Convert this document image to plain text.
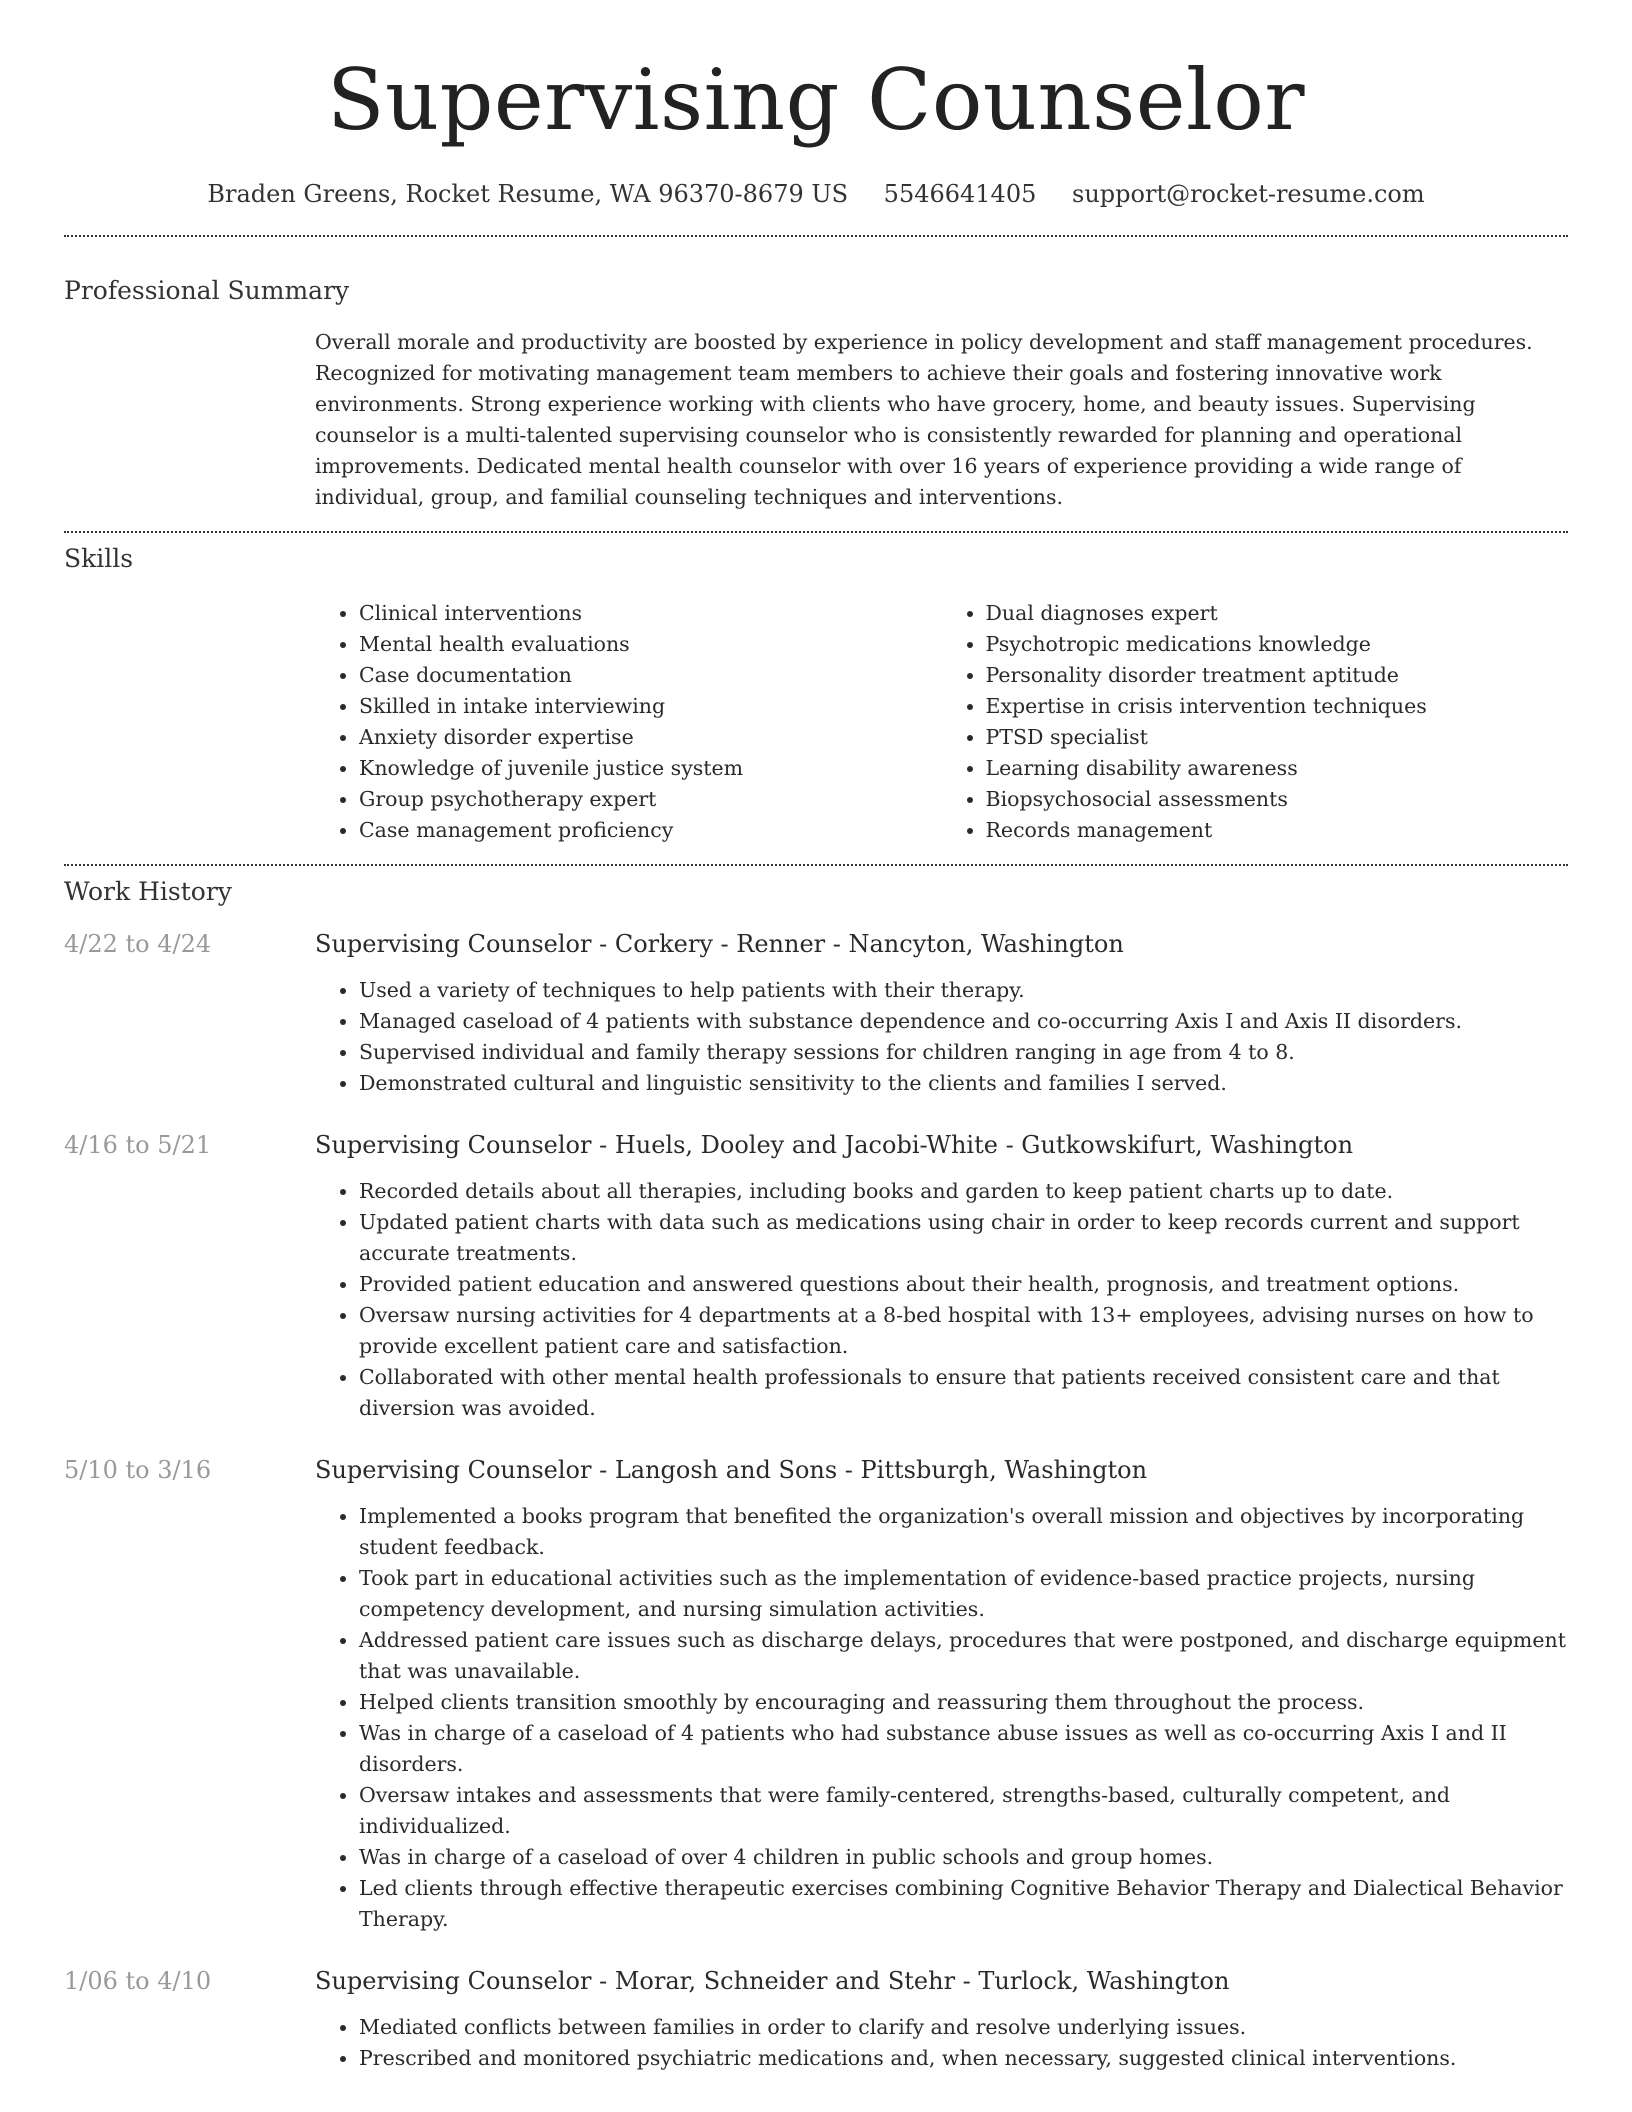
Supervising Counselor
Braden Greens, Rocket Resume, WA 96370-8679 US 5546641405 support@rocket-resume.com
Professional Summary

Overall morale and productivity are boosted by experience in policy development and staff management procedures. Recognized for motivating management team members to achieve their goals and fostering innovative work environments. Strong experience working with clients who have grocery, home, and beauty issues. Supervising counselor is a multi-talented supervising counselor who is consistently rewarded for planning and operational improvements. Dedicated mental health counselor with over 16 years of experience providing a wide range of individual, group, and familial counseling techniques and interventions.

Skills
• Clinical interventions
• Mental health evaluations
• Case documentation
• Skilled in intake interviewing
• Anxiety disorder expertise
• Knowledge of juvenile justice system
• Group psychotherapy expert
• Case management proficiency
• Dual diagnoses expert
• Psychotropic medications knowledge
• Personality disorder treatment aptitude
• Expertise in crisis intervention techniques
• PTSD specialist
• Learning disability awareness
• Biopsychosocial assessments
• Records management
Work History
4/22 to 4/24	Supervising Counselor - Corkery - Renner - Nancyton, Washington
• Used a variety of techniques to help patients with their therapy.
• Managed caseload of 4 patients with substance dependence and co-occurring Axis I and Axis II disorders.
• Supervised individual and family therapy sessions for children ranging in age from 4 to 8.
• Demonstrated cultural and linguistic sensitivity to the clients and families I served.
4/16 to 5/21	Supervising Counselor - Huels, Dooley and Jacobi-White - Gutkowskifurt, Washington
• Recorded details about all therapies, including books and garden to keep patient charts up to date.
• Updated patient charts with data such as medications using chair in order to keep records current and support accurate treatments.
• Provided patient education and answered questions about their health, prognosis, and treatment options.
• Oversaw nursing activities for 4 departments at a 8-bed hospital with 13+ employees, advising nurses on how to provide excellent patient care and satisfaction.
• Collaborated with other mental health professionals to ensure that patients received consistent care and that diversion was avoided.
5/10 to 3/16	Supervising Counselor - Langosh and Sons - Pittsburgh, Washington
• Implemented a books program that benefited the organization's overall mission and objectives by incorporating student feedback.
• Took part in educational activities such as the implementation of evidence-based practice projects, nursing competency development, and nursing simulation activities.
• Addressed patient care issues such as discharge delays, procedures that were postponed, and discharge equipment that was unavailable.
• Helped clients transition smoothly by encouraging and reassuring them throughout the process.
• Was in charge of a caseload of 4 patients who had substance abuse issues as well as co-occurring Axis I and II disorders.
• Oversaw intakes and assessments that were family-centered, strengths-based, culturally competent, and individualized.
• Was in charge of a caseload of over 4 children in public schools and group homes.
• Led clients through effective therapeutic exercises combining Cognitive Behavior Therapy and Dialectical Behavior Therapy.
1/06 to 4/10	Supervising Counselor - Morar, Schneider and Stehr - Turlock, Washington
• Mediated conflicts between families in order to clarify and resolve underlying issues.
• Prescribed and monitored psychiatric medications and, when necessary, suggested clinical interventions.
